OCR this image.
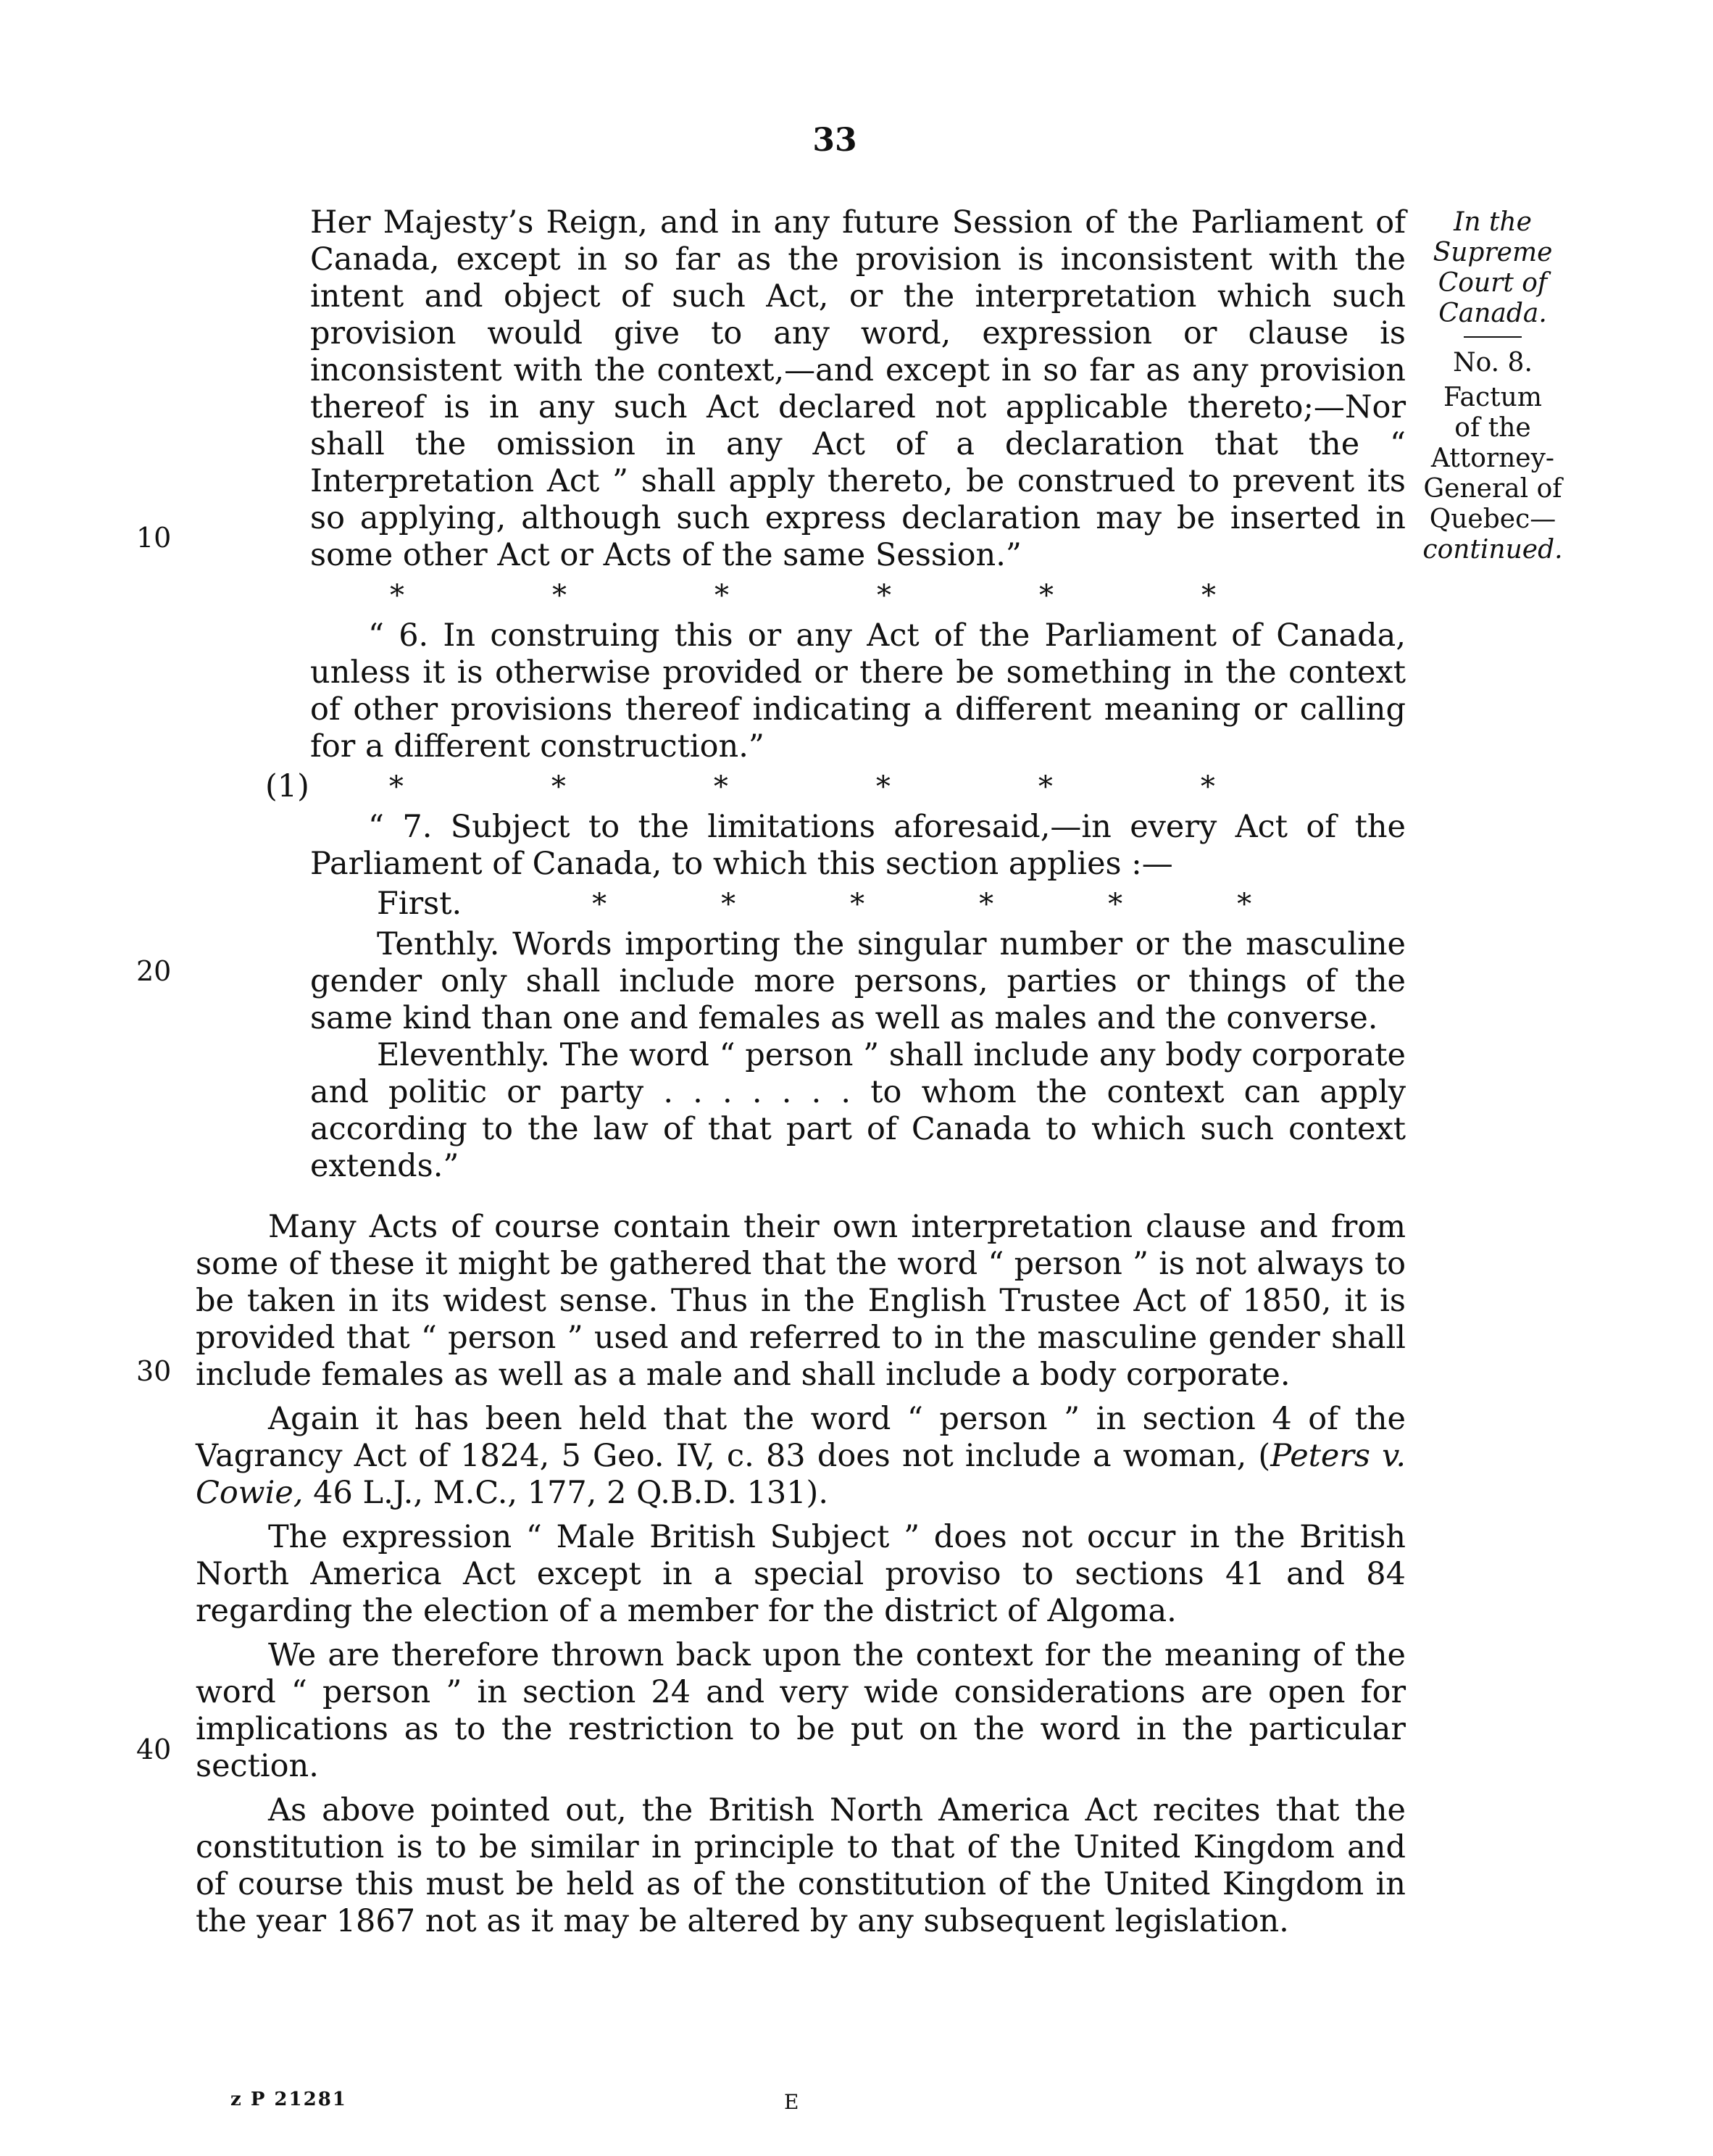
33
In the
Supreme
Court of
Canada.
No. 8.
Factum
of the
Attorney-
General of
Quebec—
continued.
10
20
30
40

Her Majesty’s Reign, and in any future Session of the Parliament of Canada, except in so far as the provision is inconsistent with the intent and object of such Act, or the interpretation which such provision would give to any word, expression or clause is inconsistent with the context,—and except in so far as any provision thereof is in any such Act declared not applicable thereto;—Nor shall the omission in any Act of a declaration that the “ Interpretation Act ” shall apply thereto, be construed to prevent its so applying, although such express declaration may be inserted in some other Act or Acts of the same Session.”

*	*	*	*	*	*

“ 6. In construing this or any Act of the Parliament of Canada, unless it is otherwise provided or there be something in the context of other provisions thereof indicating a different meaning or calling for a different construction.”

(1)	*	*	*	*	*	*

“ 7. Subject to the limitations aforesaid,—in every Act of the Parliament of Canada, to which this section applies :—

First.	*	*	*	*	*	*

Tenthly. Words importing the singular number or the masculine gender only shall include more persons, parties or things of the same kind than one and females as well as males and the converse.

Eleventhly. The word “ person ” shall include any body corporate and politic or party . . . . . . . to whom the context can apply according to the law of that part of Canada to which such context extends.”

Many Acts of course contain their own interpretation clause and from some of these it might be gathered that the word “ person ” is not always to be taken in its widest sense. Thus in the English Trustee Act of 1850, it is provided that “ person ” used and referred to in the masculine gender shall include females as well as a male and shall include a body corporate.

Again it has been held that the word “ person ” in section 4 of the Vagrancy Act of 1824, 5 Geo. IV, c. 83 does not include a woman, (Peters v. Cowie, 46 L.J., M.C., 177, 2 Q.B.D. 131).

The expression “ Male British Subject ” does not occur in the British North America Act except in a special proviso to sections 41 and 84 regarding the election of a member for the district of Algoma.

We are therefore thrown back upon the context for the meaning of the word “ person ” in section 24 and very wide considerations are open for implications as to the restriction to be put on the word in the particular section.

As above pointed out, the British North America Act recites that the constitution is to be similar in principle to that of the United Kingdom and of course this must be held as of the constitution of the United Kingdom in the year 1867 not as it may be altered by any subsequent legislation.

z P 21281	E
